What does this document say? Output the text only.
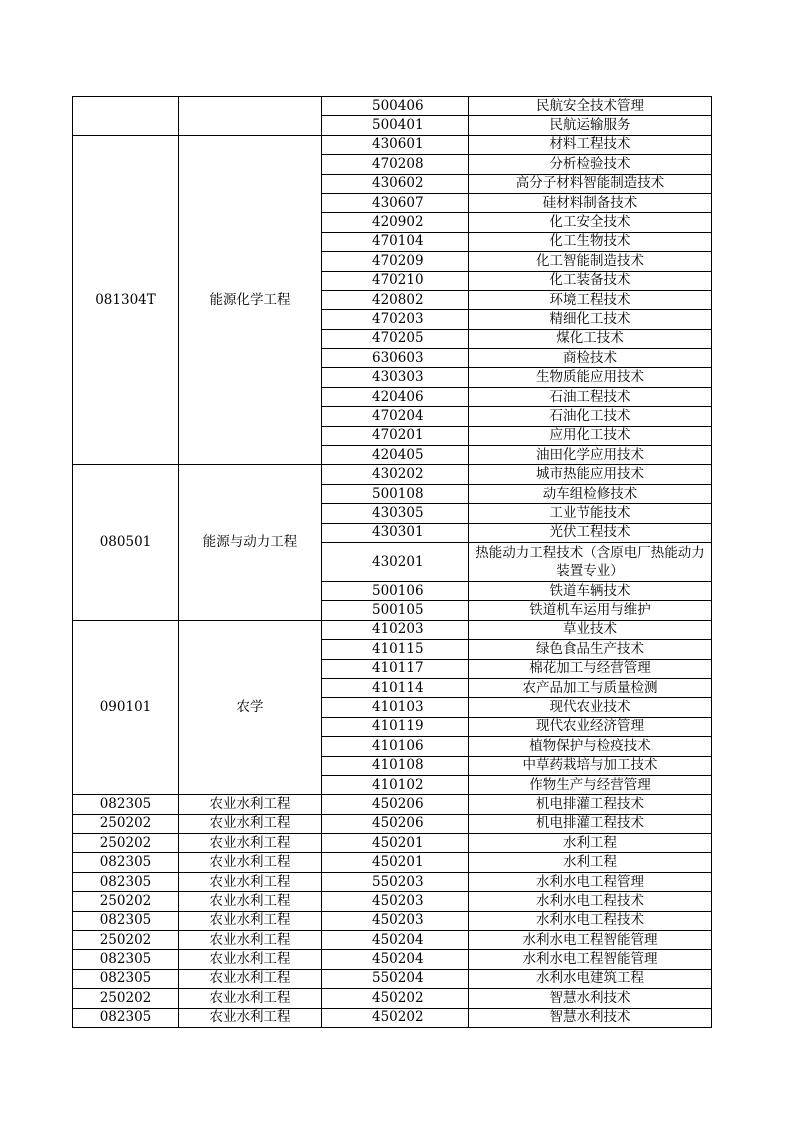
		500406	民航安全技术管理
		500401	民航运输服务
081304T	能源化学工程	430601	材料工程技术
		470208	分析检验技术
		430602	高分子材料智能制造技术
		430607	硅材料制备技术
		420902	化工安全技术
		470104	化工生物技术
		470209	化工智能制造技术
		470210	化工装备技术
		420802	环境工程技术
		470203	精细化工技术
		470205	煤化工技术
		630603	商检技术
		430303	生物质能应用技术
		420406	石油工程技术
		470204	石油化工技术
		470201	应用化工技术
		420405	油田化学应用技术
080501	能源与动力工程	430202	城市热能应用技术
		500108	动车组检修技术
		430305	工业节能技术
		430301	光伏工程技术
		430201	热能动力工程技术（含原电厂热能动力装置专业）
		500106	铁道车辆技术
		500105	铁道机车运用与维护
090101	农学	410203	草业技术
		410115	绿色食品生产技术
		410117	棉花加工与经营管理
		410114	农产品加工与质量检测
		410103	现代农业技术
		410119	现代农业经济管理
		410106	植物保护与检疫技术
		410108	中草药栽培与加工技术
		410102	作物生产与经营管理
082305	农业水利工程	450206	机电排灌工程技术
250202	农业水利工程	450206	机电排灌工程技术
250202	农业水利工程	450201	水利工程
082305	农业水利工程	450201	水利工程
082305	农业水利工程	550203	水利水电工程管理
250202	农业水利工程	450203	水利水电工程技术
082305	农业水利工程	450203	水利水电工程技术
250202	农业水利工程	450204	水利水电工程智能管理
082305	农业水利工程	450204	水利水电工程智能管理
082305	农业水利工程	550204	水利水电建筑工程
250202	农业水利工程	450202	智慧水利技术
082305	农业水利工程	450202	智慧水利技术
